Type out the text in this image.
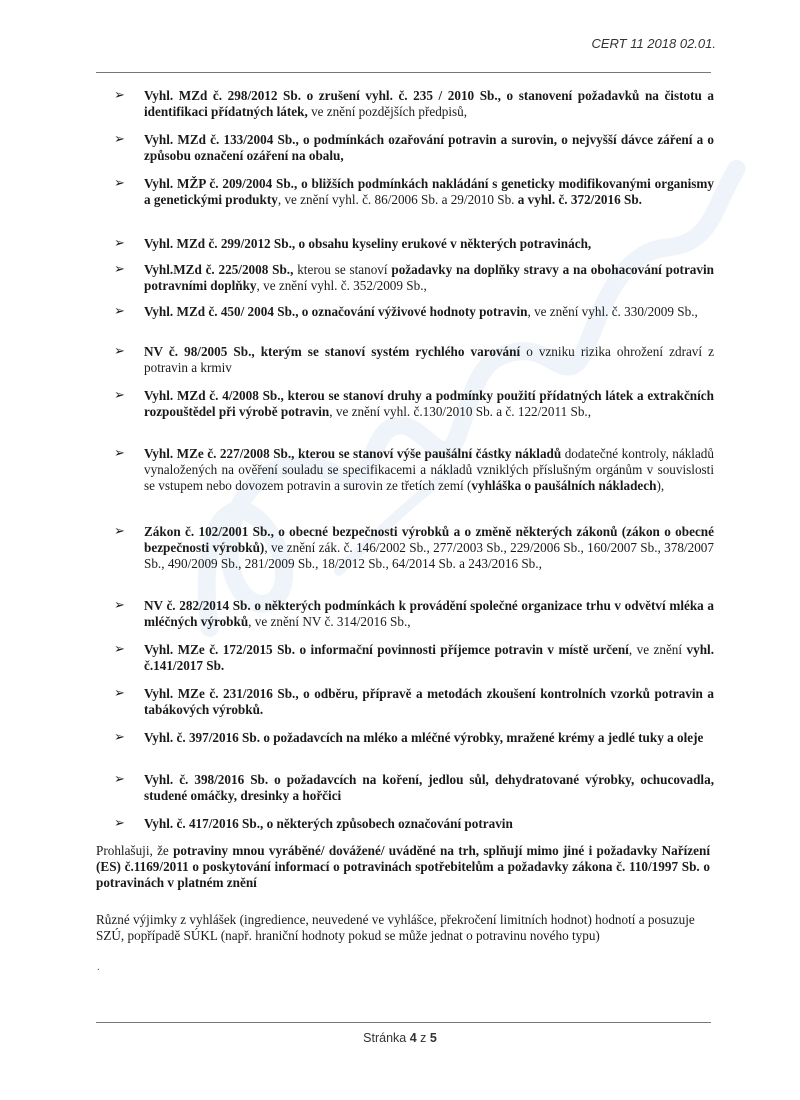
CERT 11 2018 02.01.
➢ Vyhl. MZd č. 298/2012 Sb. o zrušení vyhl. č. 235 / 2010 Sb., o stanovení požadavků na čistotu a identifikaci přídatných látek, ve znění pozdějších předpisů,
➢ Vyhl. MZd č. 133/2004 Sb., o podmínkách ozařování potravin a surovin, o nejvyšší dávce záření a o způsobu označení ozáření na obalu,
➢ Vyhl. MŽP č. 209/2004 Sb., o bližších podmínkách nakládání s geneticky modifikovanými organismy a genetickými produkty, ve znění vyhl. č. 86/2006 Sb. a 29/2010 Sb. a vyhl. č. 372/2016 Sb.
➢ Vyhl. MZd č. 299/2012 Sb., o obsahu kyseliny erukové v některých potravinách,
➢ Vyhl.MZd č. 225/2008 Sb., kterou se stanoví požadavky na doplňky stravy a na obohacování potravin potravními doplňky, ve znění vyhl. č. 352/2009 Sb.,
➢ Vyhl. MZd č. 450/ 2004 Sb., o označování výživové hodnoty potravin, ve znění vyhl. č. 330/2009 Sb.,
➢ NV č. 98/2005 Sb., kterým se stanoví systém rychlého varování o vzniku rizika ohrožení zdraví z potravin a krmiv
➢ Vyhl. MZd č. 4/2008 Sb., kterou se stanoví druhy a podmínky použití přídatných látek a extrakčních rozpouštědel při výrobě potravin, ve znění vyhl. č.130/2010 Sb. a č. 122/2011 Sb.,
➢ Vyhl. MZe č. 227/2008 Sb., kterou se stanoví výše paušální částky nákladů dodatečné kontroly, nákladů vynaložených na ověření souladu se specifikacemi a nákladů vzniklých příslušným orgánům v souvislosti se vstupem nebo dovozem potravin a surovin ze třetích zemí (vyhláška o paušálních nákladech),
➢ Zákon č. 102/2001 Sb., o obecné bezpečnosti výrobků a o změně některých zákonů (zákon o obecné bezpečnosti výrobků), ve znění zák. č. 146/2002 Sb., 277/2003 Sb., 229/2006 Sb., 160/2007 Sb., 378/2007 Sb., 490/2009 Sb., 281/2009 Sb., 18/2012 Sb., 64/2014 Sb. a 243/2016 Sb.,
➢ NV č. 282/2014 Sb. o některých podmínkách k provádění společné organizace trhu v odvětví mléka a mléčných výrobků, ve znění NV č. 314/2016 Sb.,
➢ Vyhl. MZe č. 172/2015 Sb. o informační povinnosti příjemce potravin v místě určení, ve znění vyhl. č.141/2017 Sb.
➢ Vyhl. MZe č. 231/2016 Sb., o odběru, přípravě a metodách zkoušení kontrolních vzorků potravin a tabákových výrobků.
➢ Vyhl. č. 397/2016 Sb. o požadavcích na mléko a mléčné výrobky, mražené krémy a jedlé tuky a oleje
➢ Vyhl. č. 398/2016 Sb. o požadavcích na koření, jedlou sůl, dehydratované výrobky, ochucovadla, studené omáčky, dresinky a hořčici
➢ Vyhl. č. 417/2016 Sb., o některých způsobech označování potravin
Prohlašuji, že potraviny mnou vyráběné/ dovážené/ uváděné na trh, splňují mimo jiné i požadavky Nařízení (ES) č.1169/2011 o poskytování informací o potravinách spotřebitelům a požadavky zákona č. 110/1997 Sb. o potravinách v platném znění
Různé výjimky z vyhlášek (ingredience, neuvedené ve vyhlášce, překročení limitních hodnot) hodnotí a posuzuje SZÚ, popřípadě SÚKL (např. hraniční hodnoty pokud se může jednat o potravinu nového typu)
.
Stránka 4 z 5
